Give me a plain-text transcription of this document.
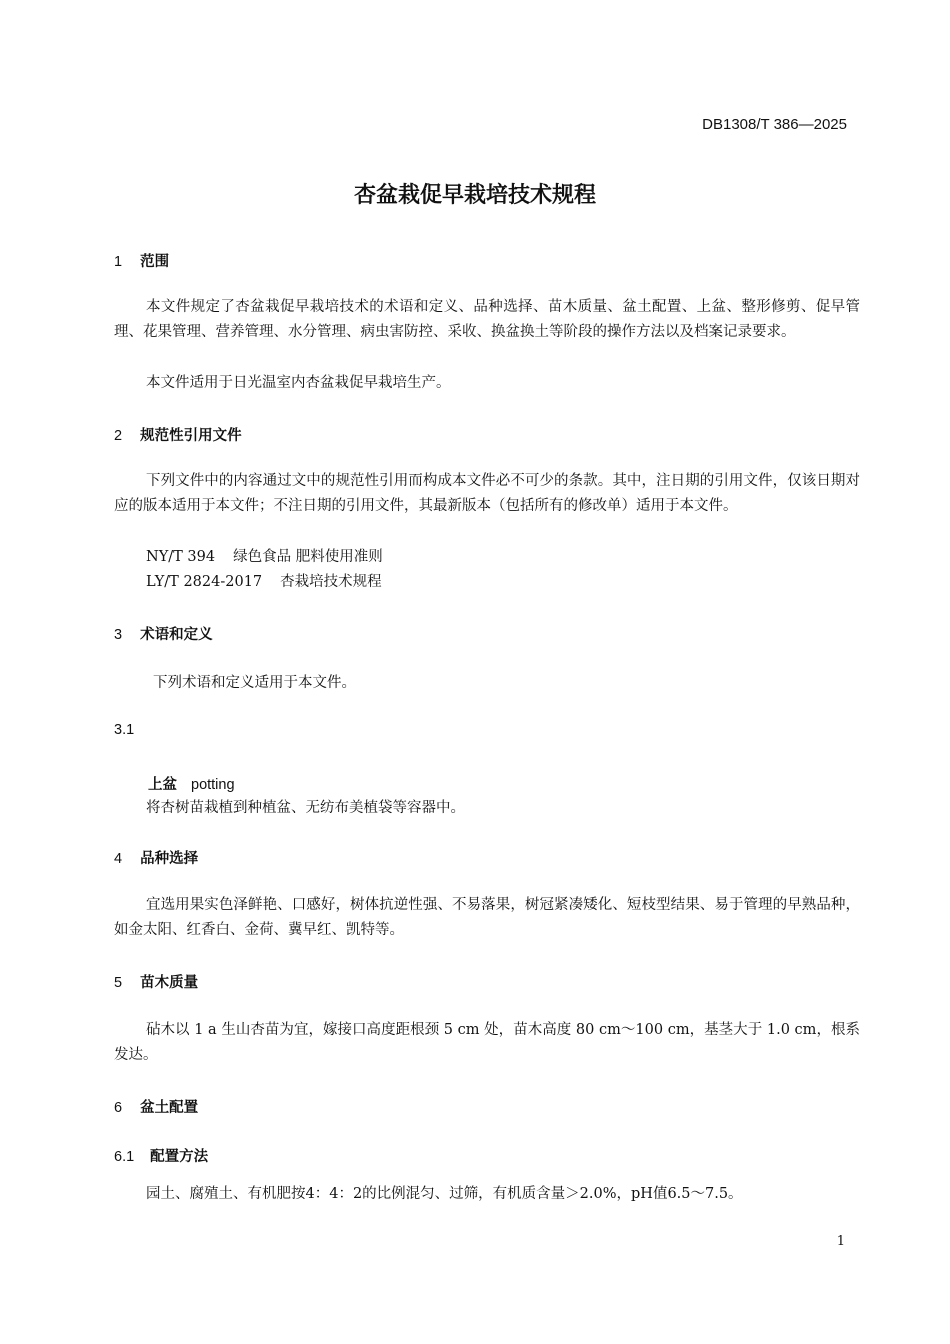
DB1308/T 386—2025
杏盆栽促早栽培技术规程
1 范围
本文件规定了杏盆栽促早栽培技术的术语和定义、品种选择、苗木质量、盆土配置、上盆、整形修剪、促早管理、花果管理、营养管理、水分管理、病虫害防控、采收、换盆换土等阶段的操作方法以及档案记录要求。
本文件适用于日光温室内杏盆栽促早栽培生产。
2 规范性引用文件
下列文件中的内容通过文中的规范性引用而构成本文件必不可少的条款。其中，注日期的引用文件，仅该日期对应的版本适用于本文件；不注日期的引用文件，其最新版本（包括所有的修改单）适用于本文件。
NY/T 394 绿色食品 肥料使用准则
LY/T 2824-2017 杏栽培技术规程
3 术语和定义
下列术语和定义适用于本文件。
3.1
上盆 potting
将杏树苗栽植到种植盆、无纺布美植袋等容器中。
4 品种选择
宜选用果实色泽鲜艳、口感好，树体抗逆性强、不易落果，树冠紧凑矮化、短枝型结果、易于管理的早熟品种，如金太阳、红香白、金荷、冀早红、凯特等。
5 苗木质量
砧木以 1 a 生山杏苗为宜，嫁接口高度距根颈 5 cm 处，苗木高度 80 cm～100 cm，基茎大于 1.0 cm，根系发达。
6 盆土配置
6.1 配置方法
园土、腐殖土、有机肥按4：4：2的比例混匀、过筛，有机质含量＞2.0%，pH值6.5～7.5。
1
